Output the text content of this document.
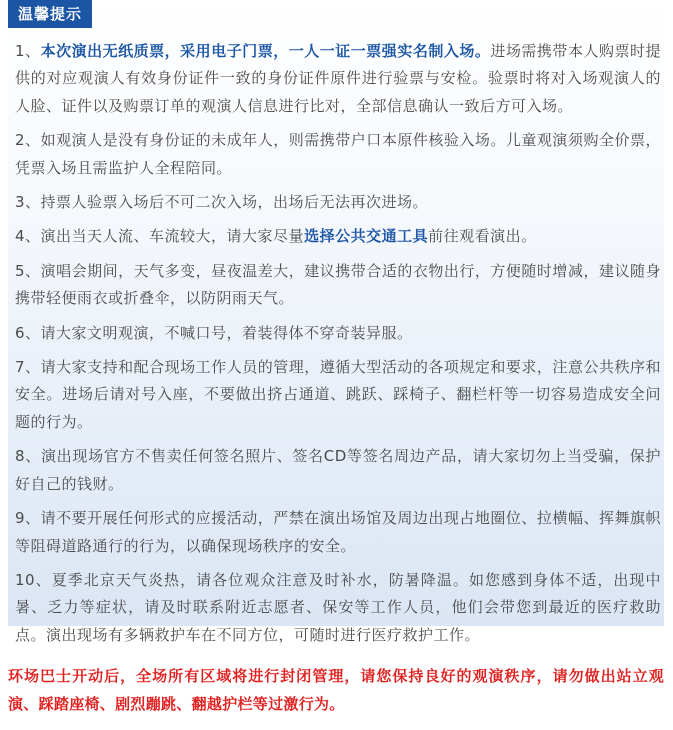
温馨提示

1、本次演出无纸质票，采用电子门票，一人一证一票强实名制入场。进场需携带本人购票时提供的对应观演人有效身份证件一致的身份证件原件进行验票与安检。验票时将对入场观演人的人脸、证件以及购票订单的观演人信息进行比对，全部信息确认一致后方可入场。

2、如观演人是没有身份证的未成年人，则需携带户口本原件核验入场。儿童观演须购全价票，凭票入场且需监护人全程陪同。

3、持票人验票入场后不可二次入场，出场后无法再次进场。

4、演出当天人流、车流较大，请大家尽量选择公共交通工具前往观看演出。

5、演唱会期间，天气多变，昼夜温差大，建议携带合适的衣物出行，方便随时增减，建议随身携带轻便雨衣或折叠伞，以防阴雨天气。

6、请大家文明观演，不喊口号，着装得体不穿奇装异服。

7、请大家支持和配合现场工作人员的管理，遵循大型活动的各项规定和要求，注意公共秩序和安全。进场后请对号入座，不要做出挤占通道、跳跃、踩椅子、翻栏杆等一切容易造成安全问题的行为。

8、演出现场官方不售卖任何签名照片、签名CD等签名周边产品，请大家切勿上当受骗，保护好自己的钱财。

9、请不要开展任何形式的应援活动，严禁在演出场馆及周边出现占地圈位、拉横幅、挥舞旗帜等阻碍道路通行的行为，以确保现场秩序的安全。

10、夏季北京天气炎热，请各位观众注意及时补水，防暑降温。如您感到身体不适，出现中暑、乏力等症状，请及时联系附近志愿者、保安等工作人员，他们会带您到最近的医疗救助点。演出现场有多辆救护车在不同方位，可随时进行医疗救护工作。

环场巴士开动后，全场所有区域将进行封闭管理，请您保持良好的观演秩序，请勿做出站立观演、踩踏座椅、剧烈蹦跳、翻越护栏等过激行为。
